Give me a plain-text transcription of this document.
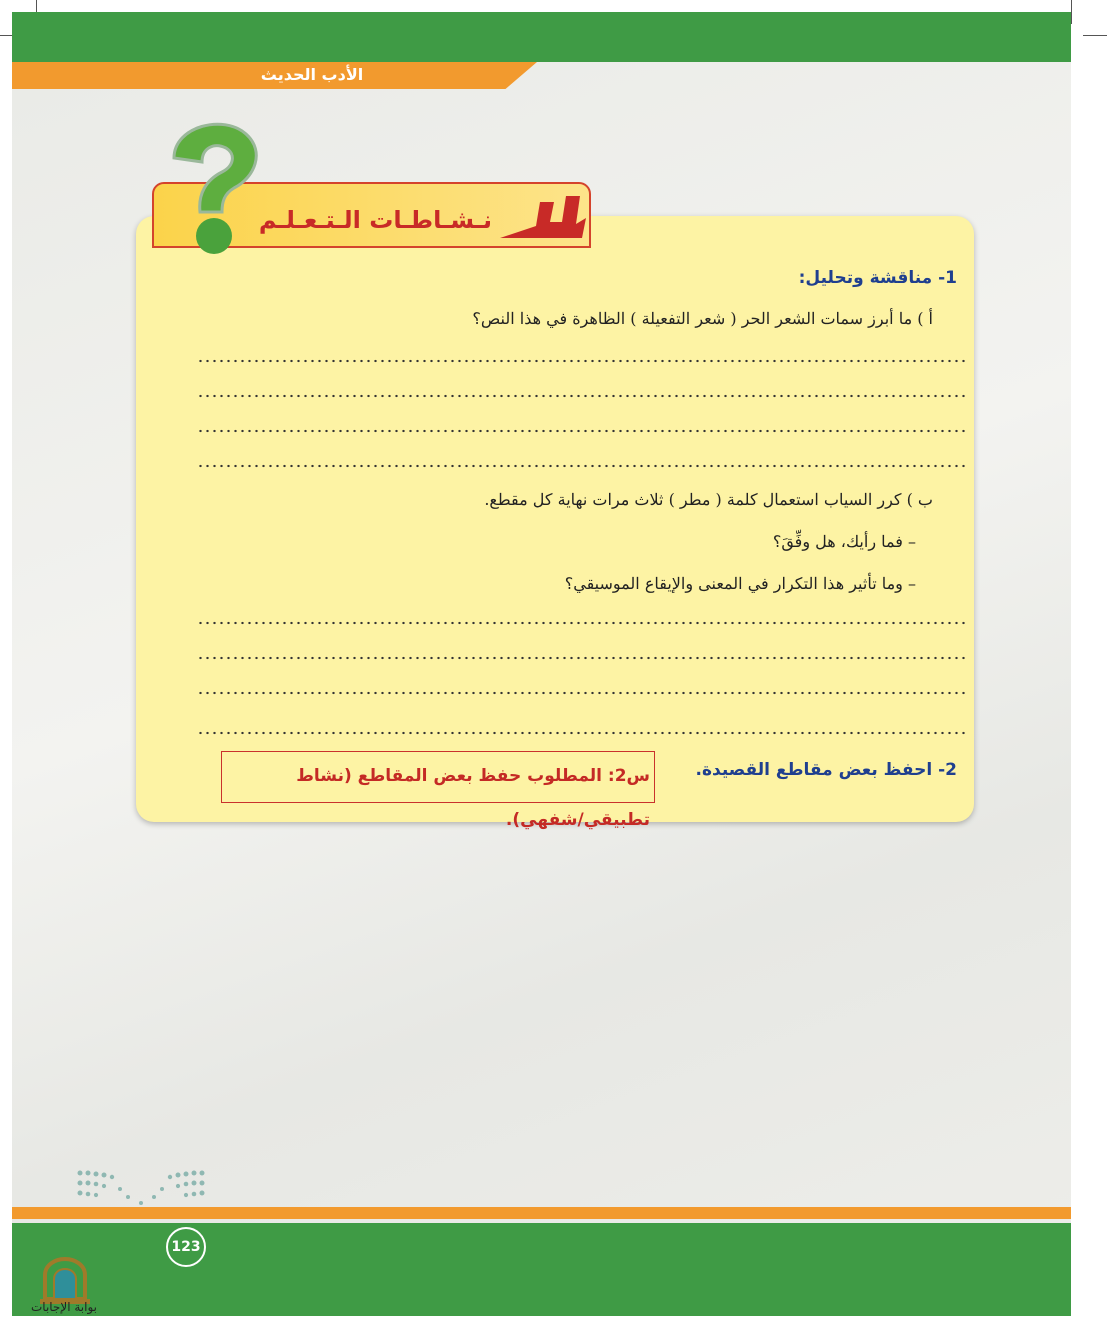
الأدب الحديث
نـشـاطـات الـتـعـلـم
1- مناقشة وتحليل:
أ ) ما أبرز سمات الشعر الحر ( شعر التفعيلة ) الظاهرة في هذا النص؟
ب ) كرر السياب استعمال كلمة ( مطر ) ثلاث مرات نهاية كل مقطع.
– فما رأيك، هل وفِّقَ؟
– وما تأثير هذا التكرار في المعنى والإيقاع الموسيقي؟
2- احفظ بعض مقاطع القصيدة.
س2: المطلوب حفظ بعض المقاطع (نشاط تطبيقي/شفهي).
123
بوابة الإجابات
